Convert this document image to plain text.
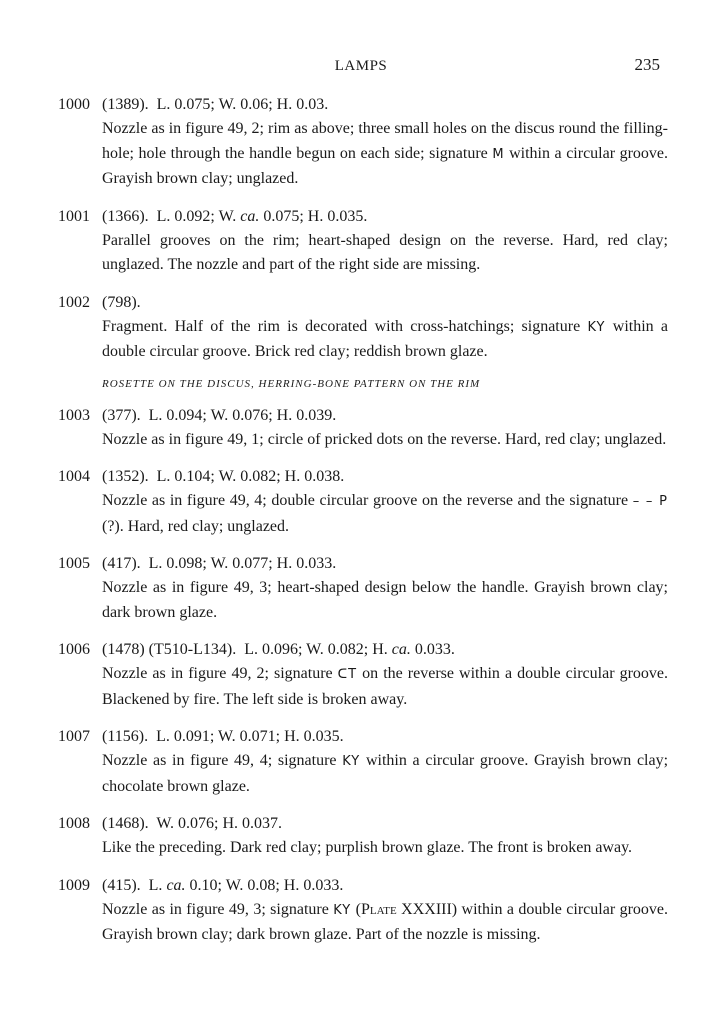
LAMPS	235
1000 (1389). L. 0.075; W. 0.06; H. 0.03.
Nozzle as in figure 49, 2; rim as above; three small holes on the discus round the filling-hole; hole through the handle begun on each side; signature M within a circular groove. Grayish brown clay; unglazed.
1001 (1366). L. 0.092; W. ca. 0.075; H. 0.035.
Parallel grooves on the rim; heart-shaped design on the reverse. Hard, red clay; unglazed. The nozzle and part of the right side are missing.
1002 (798).
Fragment. Half of the rim is decorated with cross-hatchings; signature KY within a double circular groove. Brick red clay; reddish brown glaze.
ROSETTE ON THE DISCUS, HERRING-BONE PATTERN ON THE RIM
1003 (377). L. 0.094; W. 0.076; H. 0.039.
Nozzle as in figure 49, 1; circle of pricked dots on the reverse. Hard, red clay; unglazed.
1004 (1352). L. 0.104; W. 0.082; H. 0.038.
Nozzle as in figure 49, 4; double circular groove on the reverse and the signature – – P (?). Hard, red clay; unglazed.
1005 (417). L. 0.098; W. 0.077; H. 0.033.
Nozzle as in figure 49, 3; heart-shaped design below the handle. Grayish brown clay; dark brown glaze.
1006 (1478) (T510-L134). L. 0.096; W. 0.082; H. ca. 0.033.
Nozzle as in figure 49, 2; signature ᑕT on the reverse within a double circular groove. Blackened by fire. The left side is broken away.
1007 (1156). L. 0.091; W. 0.071; H. 0.035.
Nozzle as in figure 49, 4; signature KY within a circular groove. Grayish brown clay; chocolate brown glaze.
1008 (1468). W. 0.076; H. 0.037.
Like the preceding. Dark red clay; purplish brown glaze. The front is broken away.
1009 (415). L. ca. 0.10; W. 0.08; H. 0.033.
Nozzle as in figure 49, 3; signature KY (Plate XXXIII) within a double circular groove. Grayish brown clay; dark brown glaze. Part of the nozzle is missing.
